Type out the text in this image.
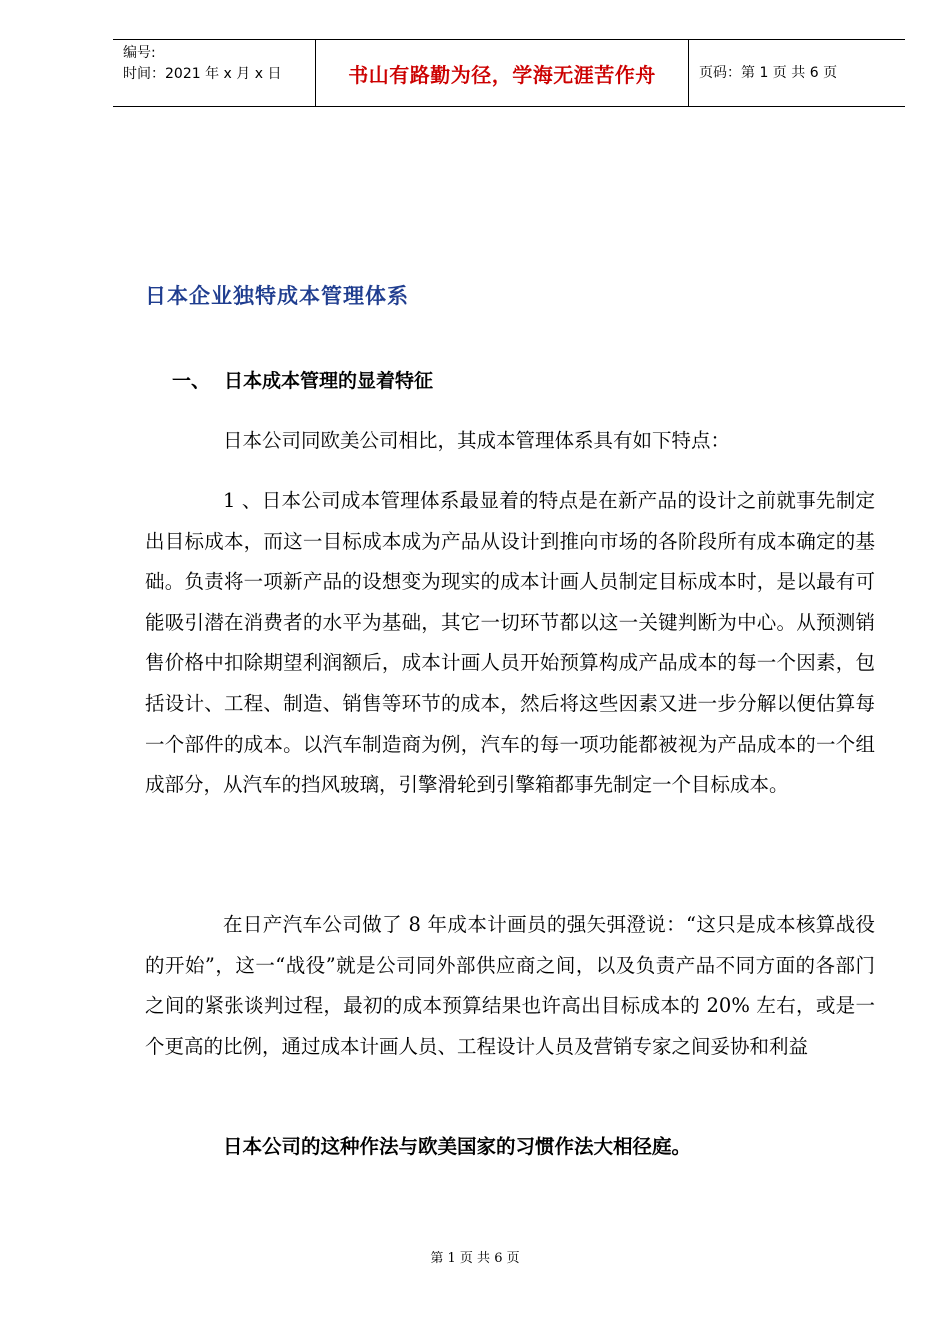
编号:
时间：2021 年 x 月 x 日	书山有路勤为径，学海无涯苦作舟	页码：第 1 页 共 6 页
日本企业独特成本管理体系
一、 日本成本管理的显着特征

日本公司同欧美公司相比，其成本管理体系具有如下特点：

1 、日本公司成本管理体系最显着的特点是在新产品的设计之前就事先制定出目标成本，而这一目标成本成为产品从设计到推向市场的各阶段所有成本确定的基础。负责将一项新产品的设想变为现实的成本计画人员制定目标成本时，是以最有可能吸引潜在消费者的水平为基础，其它一切环节都以这一关键判断为中心。从预测销售价格中扣除期望利润额后，成本计画人员开始预算构成产品成本的每一个因素，包括设计、工程、制造、销售等环节的成本，然后将这些因素又进一步分解以便估算每一个部件的成本。以汽车制造商为例，汽车的每一项功能都被视为产品成本的一个组成部分，从汽车的挡风玻璃，引擎滑轮到引擎箱都事先制定一个目标成本。

在日产汽车公司做了 8 年成本计画员的强矢弭澄说：“这只是成本核算战役的开始”，这一“战役”就是公司同外部供应商之间，以及负责产品不同方面的各部门之间的紧张谈判过程，最初的成本预算结果也许高出目标成本的 20% 左右，或是一个更高的比例，通过成本计画人员、工程设计人员及营销专家之间妥协和利益

日本公司的这种作法与欧美国家的习惯作法大相径庭。
第 1 页 共 6 页
